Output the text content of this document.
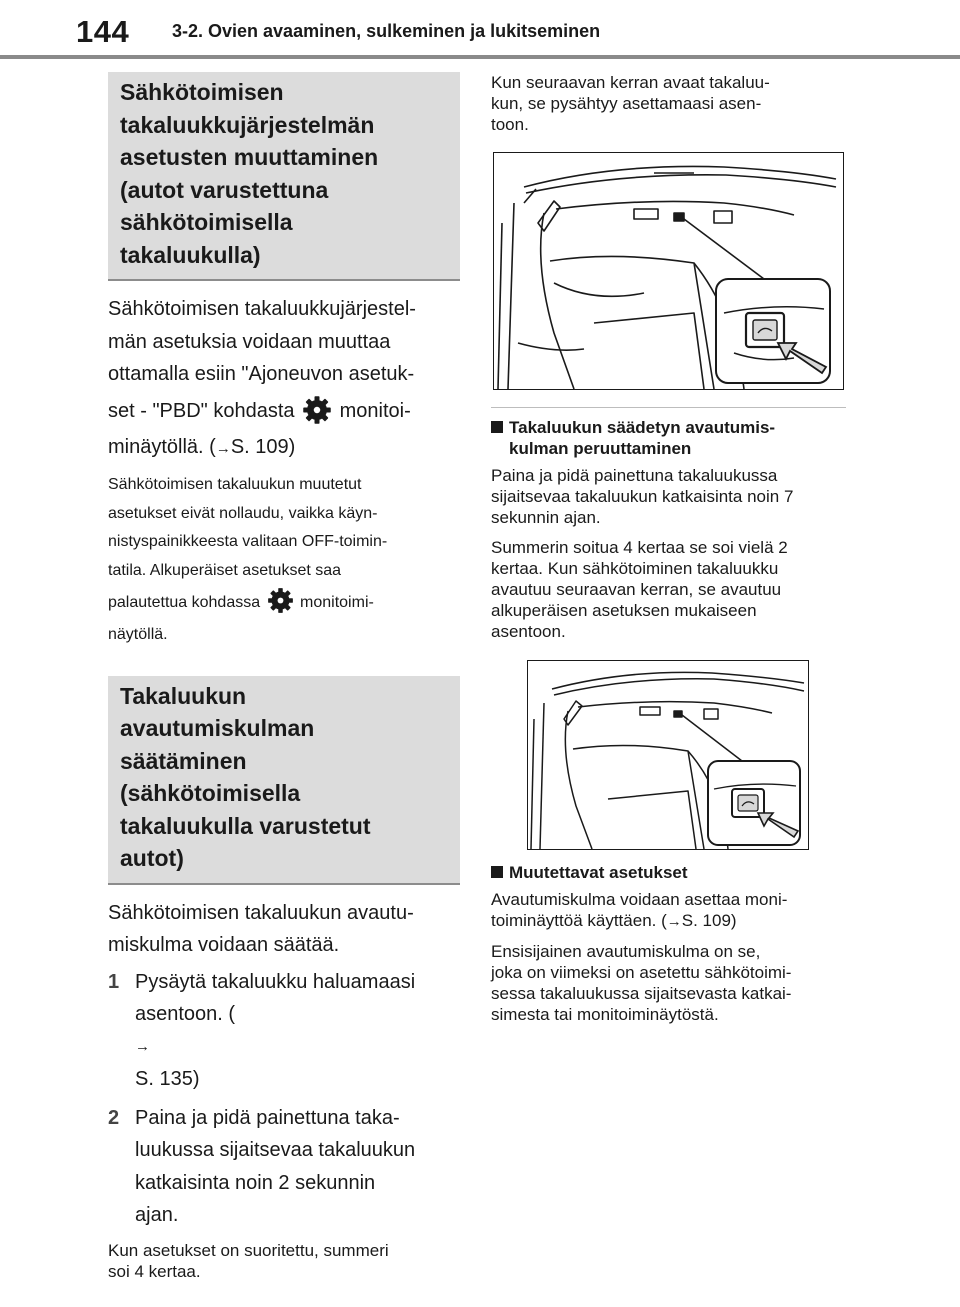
144 3-2. Ovien avaaminen, sulkeminen ja lukitseminen
Sähkötoimisen
takaluukkujärjestelmän
asetusten muuttaminen
(autot varustettuna
sähkötoimisella
takaluukulla)
Sähkötoimisen takaluukkujärjestel-
män asetuksia voidaan muuttaa
ottamalla esiin "Ajoneuvon asetuk-
set - "PBD" kohdasta monitoi-
minäytöllä. (→S. 109)
Sähkötoimisen takaluukun muutetut
asetukset eivät nollaudu, vaikka käyn-
nistyspainikkeesta valitaan OFF-toimin-
tatila. Alkuperäiset asetukset saa
palautettua kohdassa monitoimi-
näytöllä.
Takaluukun
avautumiskulman
säätäminen
(sähkötoimisella
takaluukulla varustetut
autot)
Sähkötoimisen takaluukun avautu-
miskulma voidaan säätää.
1 Pysäytä takaluukku haluamaasi
asentoon. (
→
S. 135)
2 Paina ja pidä painettuna taka-
luukussa sijaitsevaa takaluukun
katkaisinta noin 2 sekunnin
ajan.
Kun asetukset on suoritettu, summeri
soi 4 kertaa.
Kun seuraavan kerran avaat takaluu-
kun, se pysähtyy asettamaasi asen-
toon.
Takaluukun säädetyn avautumis-
kulman peruuttaminen
Paina ja pidä painettuna takaluukussa
sijaitsevaa takaluukun katkaisinta noin 7
sekunnin ajan.
Summerin soitua 4 kertaa se soi vielä 2
kertaa. Kun sähkötoiminen takaluukku
avautuu seuraavan kerran, se avautuu
alkuperäisen asetuksen mukaiseen
asentoon.
Muutettavat asetukset
Avautumiskulma voidaan asettaa moni-
toiminäyttöä käyttäen. (→S. 109)
Ensisijainen avautumiskulma on se,
joka on viimeksi on asetettu sähkötoimi-
sessa takaluukussa sijaitsevasta katkai-
simesta tai monitoiminäytöstä.
